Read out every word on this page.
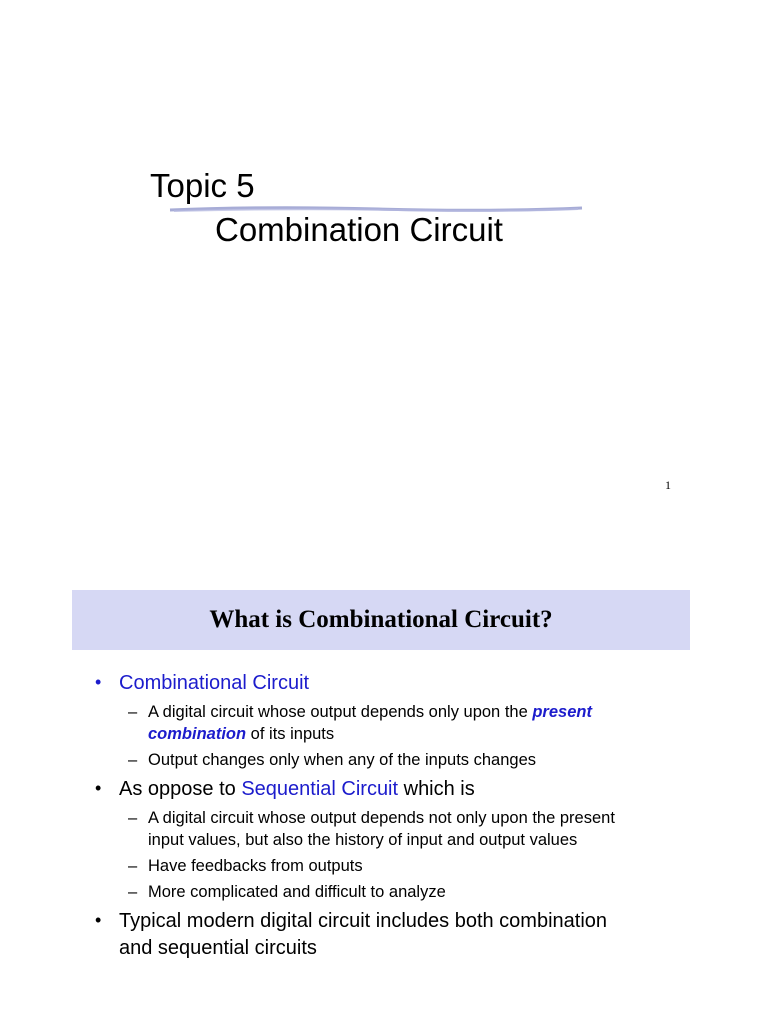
Topic 5
Combination Circuit
1
What is Combinational Circuit?
• Combinational Circuit
– A digital circuit whose output depends only upon the present
combination of its inputs
– Output changes only when any of the inputs changes
• As oppose to Sequential Circuit which is
– A digital circuit whose output depends not only upon the present
input values, but also the history of input and output values
– Have feedbacks from outputs
– More complicated and difficult to analyze
• Typical modern digital circuit includes both combination
and sequential circuits
